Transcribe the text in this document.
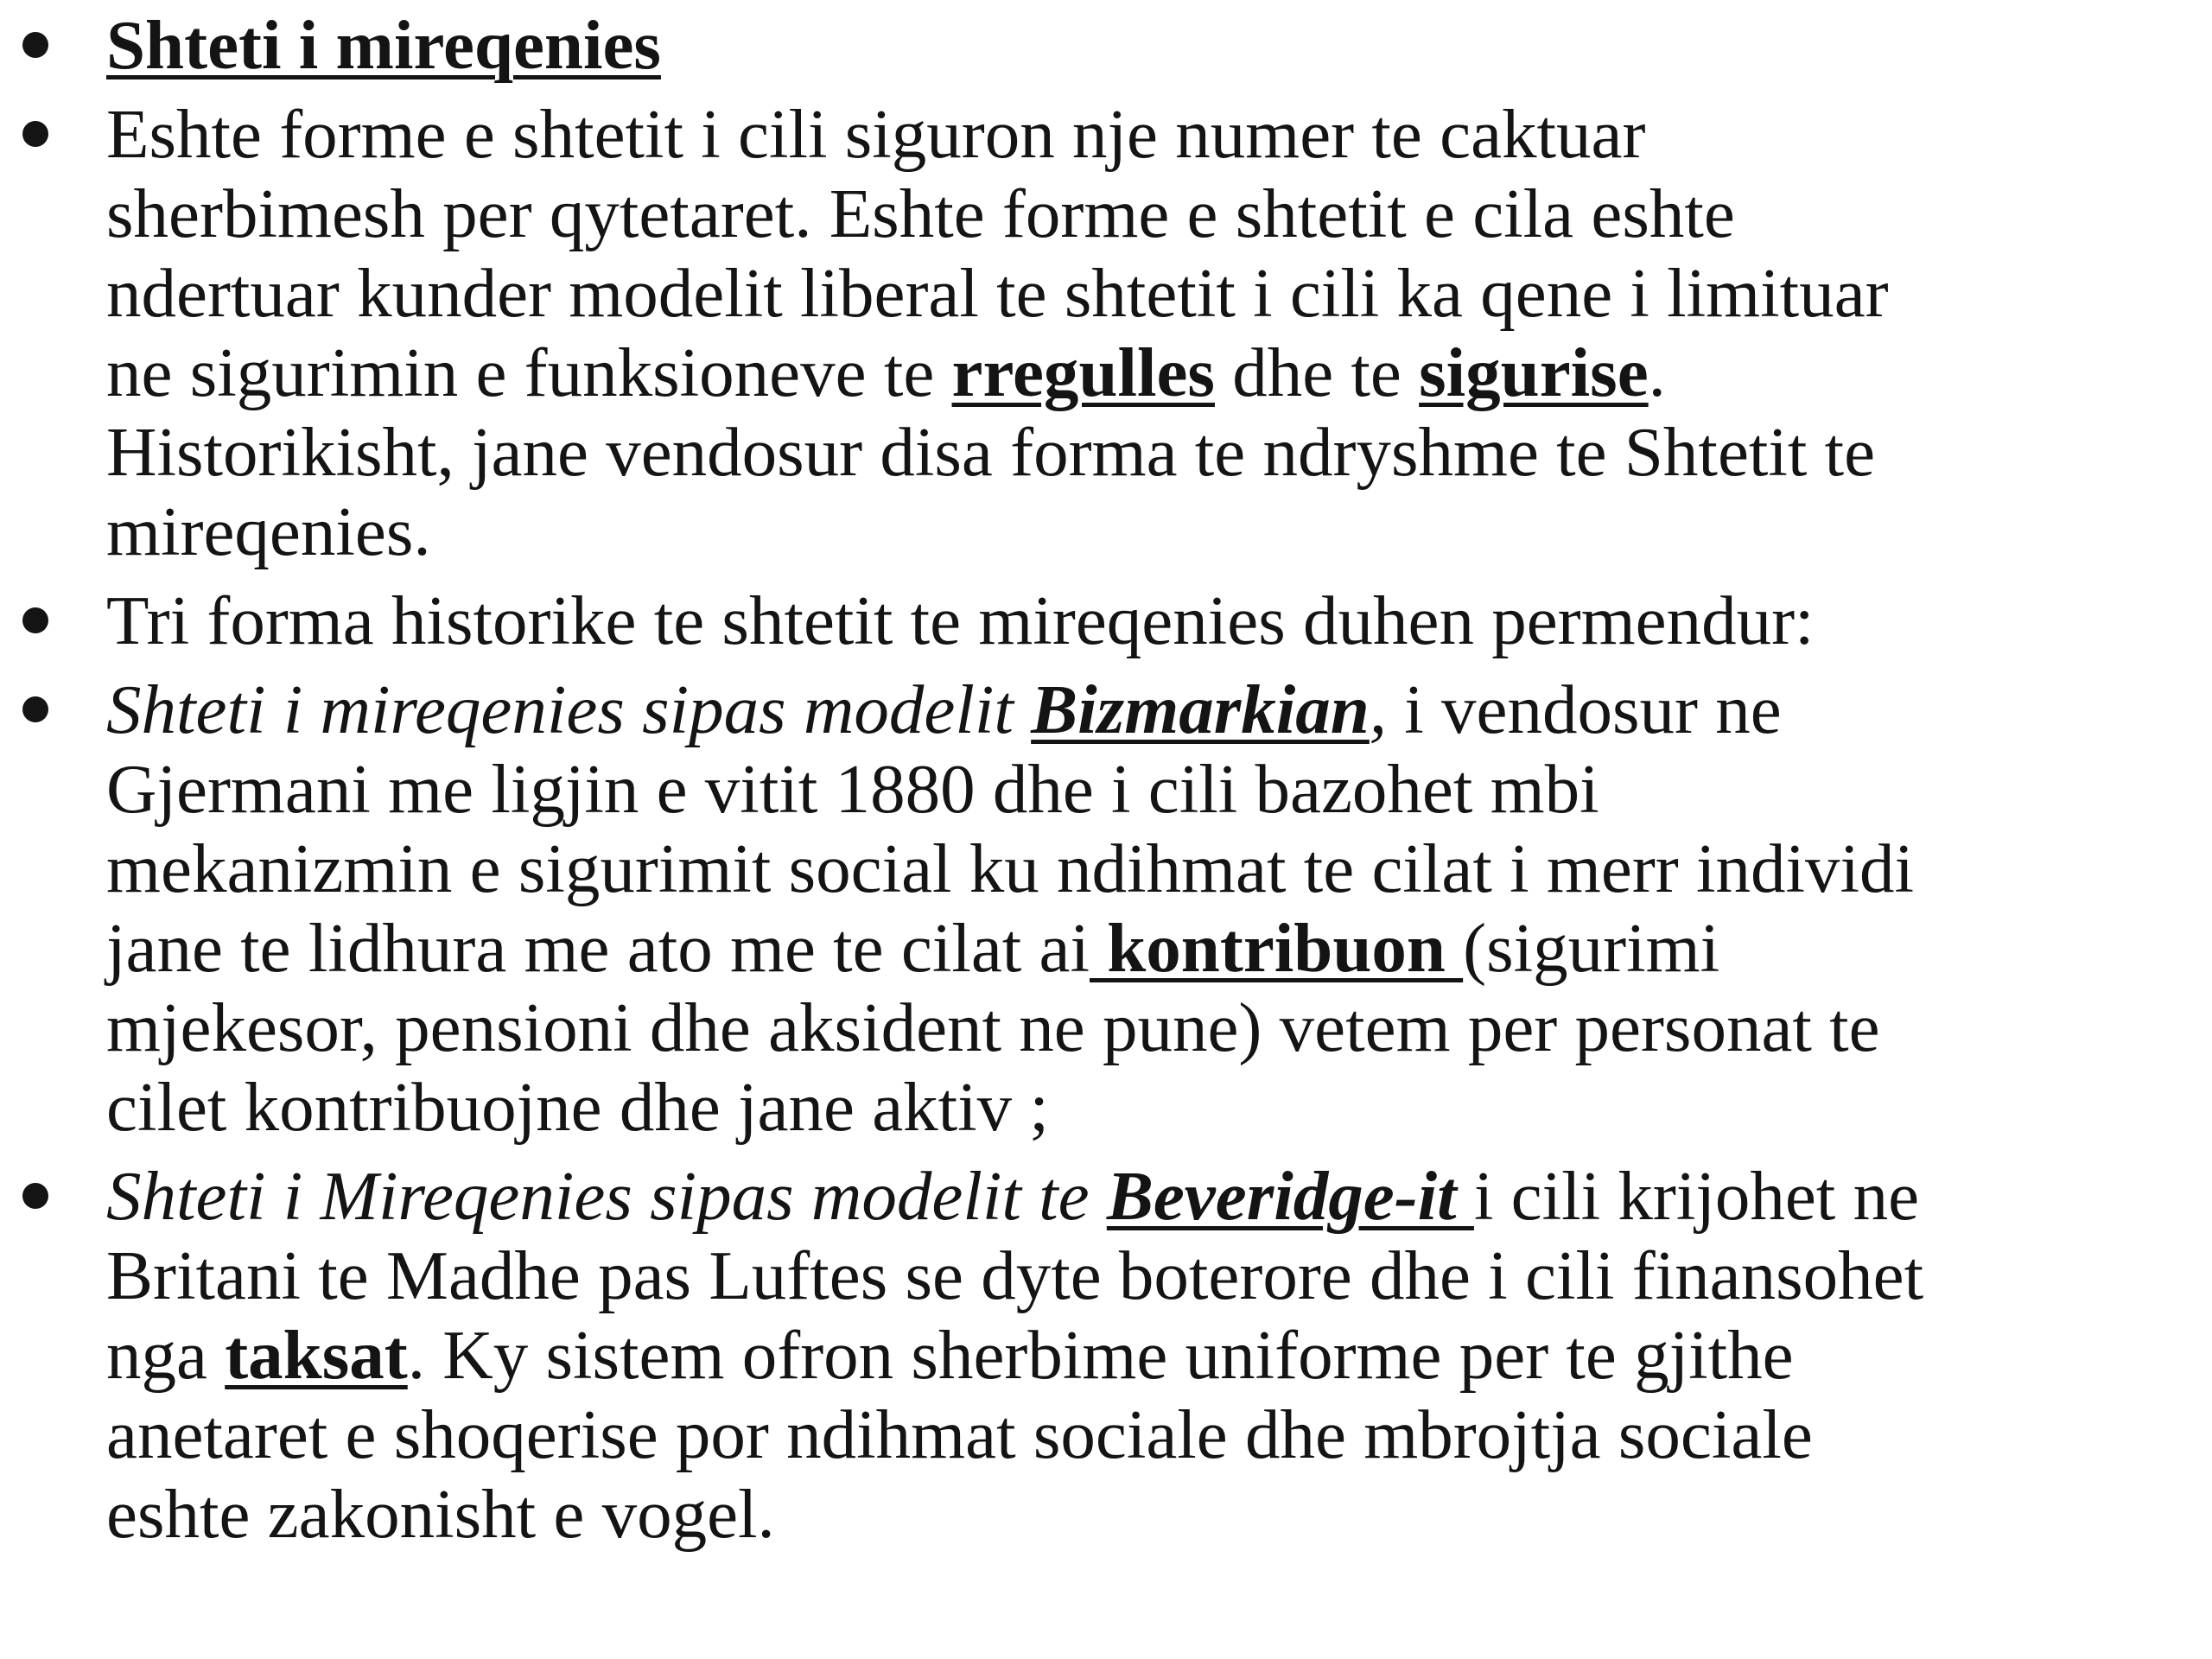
Shteti i mireqenies
Eshte forme e shtetit i cili siguron nje numer te caktuar
sherbimesh per qytetaret. Eshte forme e shtetit e cila eshte
ndertuar kunder modelit liberal te shtetit i cili ka qene i limituar
ne sigurimin e funksioneve te rregulles dhe te sigurise.
Historikisht, jane vendosur disa forma te ndryshme te Shtetit te
mireqenies.
Tri forma historike te shtetit te mireqenies duhen permendur:
Shteti i mireqenies sipas modelit Bizmarkian, i vendosur ne
Gjermani me ligjin e vitit 1880 dhe i cili bazohet mbi
mekanizmin e sigurimit social ku ndihmat te cilat i merr individi
jane te lidhura me ato me te cilat ai kontribuon (sigurimi
mjekesor, pensioni dhe aksident ne pune) vetem per personat te
cilet kontribuojne dhe jane aktiv ;
Shteti i Mireqenies sipas modelit te Beveridge-it i cili krijohet ne
Britani te Madhe pas Luftes se dyte boterore dhe i cili finansohet
nga taksat. Ky sistem ofron sherbime uniforme per te gjithe
anetaret e shoqerise por ndihmat sociale dhe mbrojtja sociale
eshte zakonisht e vogel.
